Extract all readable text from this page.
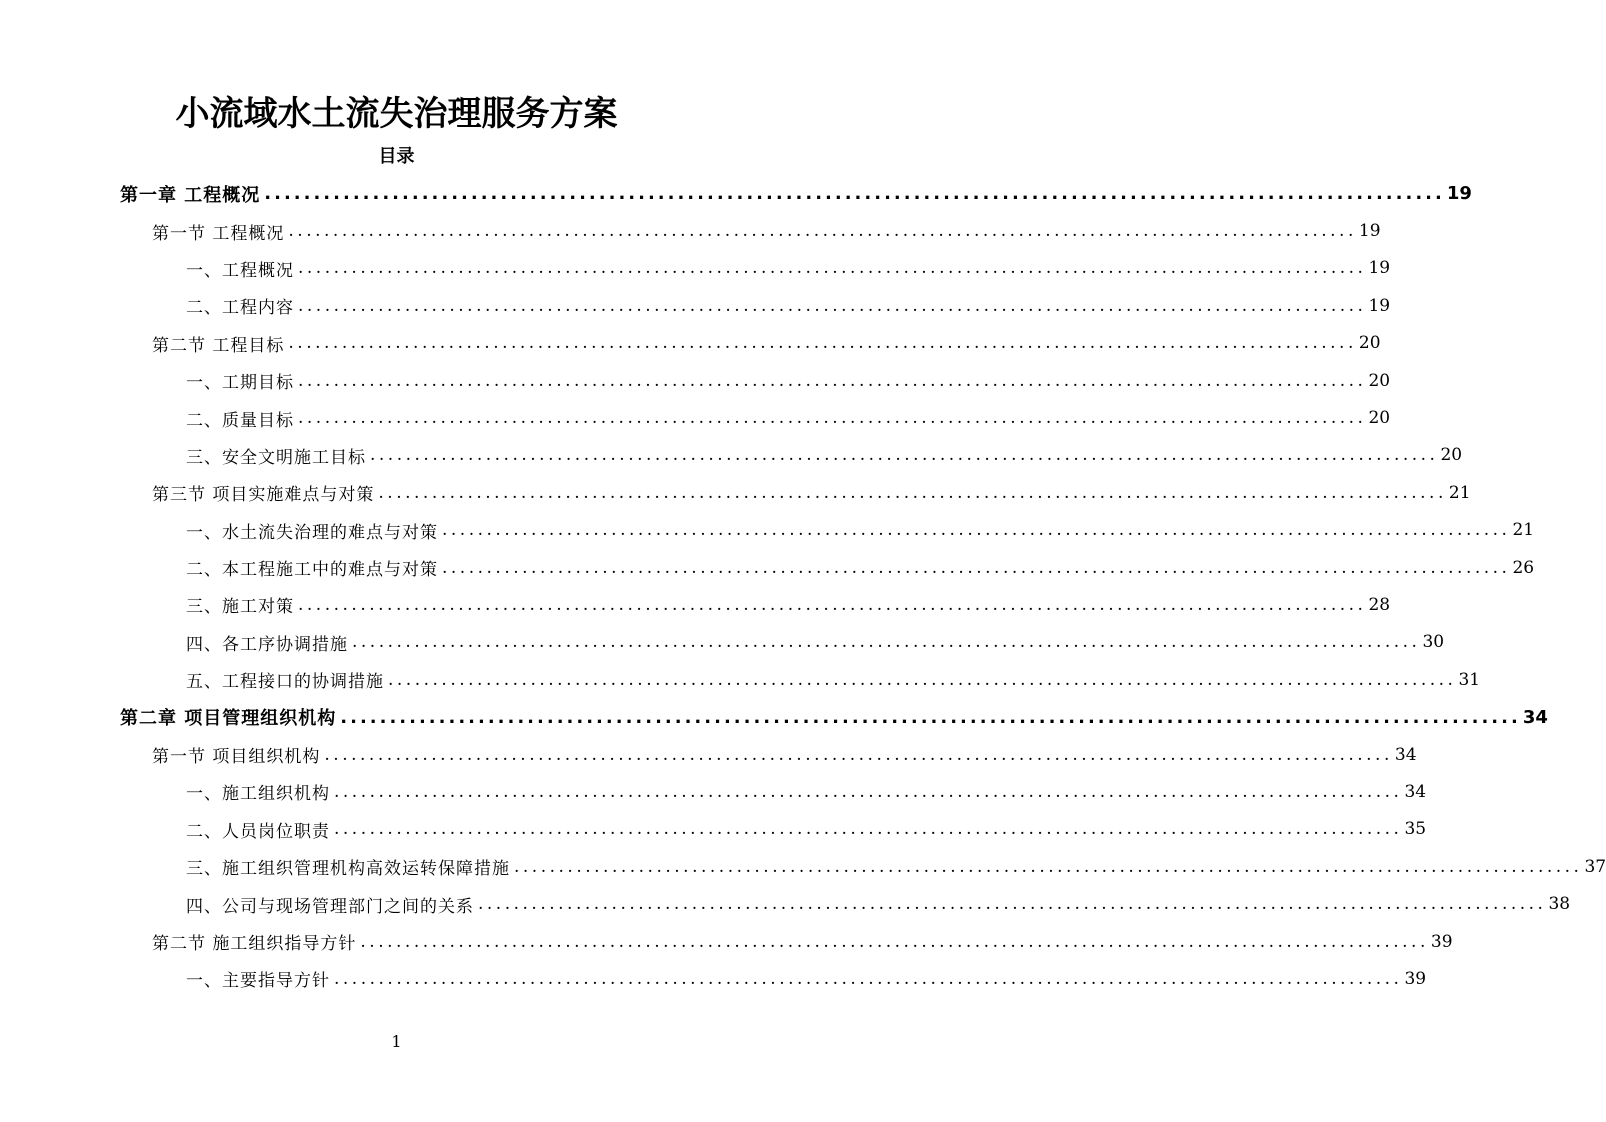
小流域水土流失治理服务方案
目录
第一章 工程概况 ........................................................................................................................ 19
第一节 工程概况 ........................................................................................................................ 19
一、工程概况 ........................................................................................................................ 19
二、工程内容 ........................................................................................................................ 19
第二节 工程目标 ........................................................................................................................ 20
一、工期目标 ........................................................................................................................ 20
二、质量目标 ........................................................................................................................ 20
三、安全文明施工目标 ........................................................................................................................ 20
第三节 项目实施难点与对策 ........................................................................................................................ 21
一、水土流失治理的难点与对策 ........................................................................................................................ 21
二、本工程施工中的难点与对策 ........................................................................................................................ 26
三、施工对策 ........................................................................................................................ 28
四、各工序协调措施 ........................................................................................................................ 30
五、工程接口的协调措施 ........................................................................................................................ 31
第二章 项目管理组织机构 ........................................................................................................................ 34
第一节 项目组织机构 ........................................................................................................................ 34
一、施工组织机构 ........................................................................................................................ 34
二、人员岗位职责 ........................................................................................................................ 35
三、施工组织管理机构高效运转保障措施 ........................................................................................................................ 37
四、公司与现场管理部门之间的关系 ........................................................................................................................ 38
第二节 施工组织指导方针 ........................................................................................................................ 39
一、主要指导方针 ........................................................................................................................ 39
1
